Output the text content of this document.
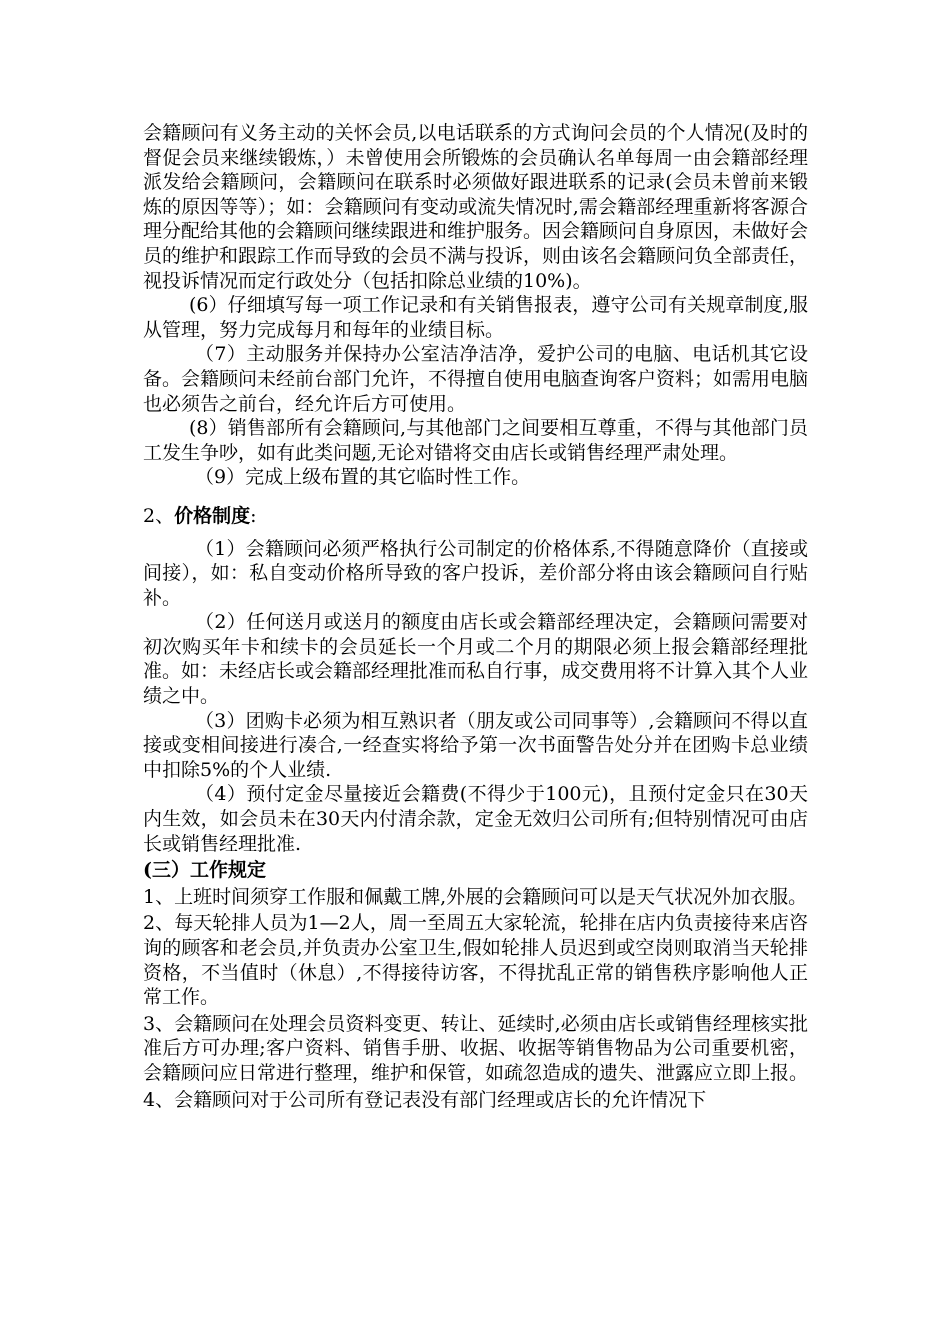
会籍顾问有义务主动的关怀会员,以电话联系的方式询问会员的个人情况(及时的督促会员来继续锻炼，）未曾使用会所锻炼的会员确认名单每周一由会籍部经理派发给会籍顾问，会籍顾问在联系时必须做好跟进联系的记录(会员未曾前来锻炼的原因等等）；如：会籍顾问有变动或流失情况时,需会籍部经理重新将客源合理分配给其他的会籍顾问继续跟进和维护服务。因会籍顾问自身原因，未做好会员的维护和跟踪工作而导致的会员不满与投诉，则由该名会籍顾问负全部责任，视投诉情况而定行政处分（包括扣除总业绩的10%)。

(6）仔细填写每一项工作记录和有关销售报表，遵守公司有关规章制度,服从管理，努力完成每月和每年的业绩目标。

（7）主动服务并保持办公室洁净洁净，爱护公司的电脑、电话机其它设备。会籍顾问未经前台部门允许，不得擅自使用电脑查询客户资料；如需用电脑也必须告之前台，经允许后方可使用。

(8）销售部所有会籍顾问,与其他部门之间要相互尊重，不得与其他部门员工发生争吵，如有此类问题,无论对错将交由店长或销售经理严肃处理。

（9）完成上级布置的其它临时性工作。

2、价格制度:

（1）会籍顾问必须严格执行公司制定的价格体系,不得随意降价（直接或间接），如：私自变动价格所导致的客户投诉，差价部分将由该会籍顾问自行贴补。

（2）任何送月或送月的额度由店长或会籍部经理决定，会籍顾问需要对初次购买年卡和续卡的会员延长一个月或二个月的期限必须上报会籍部经理批准。如：未经店长或会籍部经理批准而私自行事，成交费用将不计算入其个人业绩之中。

（3）团购卡必须为相互熟识者（朋友或公司同事等）,会籍顾问不得以直接或变相间接进行凑合,一经查实将给予第一次书面警告处分并在团购卡总业绩中扣除5%的个人业绩.

（4）预付定金尽量接近会籍费(不得少于100元)，且预付定金只在30天内生效，如会员未在30天内付清余款，定金无效归公司所有;但特别情况可由店长或销售经理批准.

(三）工作规定

1、上班时间须穿工作服和佩戴工牌,外展的会籍顾问可以是天气状况外加衣服。

2、每天轮排人员为1—2人，周一至周五大家轮流，轮排在店内负责接待来店咨询的顾客和老会员,并负责办公室卫生,假如轮排人员迟到或空岗则取消当天轮排资格，不当值时（休息）,不得接待访客，不得扰乱正常的销售秩序影响他人正常工作。

3、会籍顾问在处理会员资料变更、转让、延续时,必须由店长或销售经理核实批准后方可办理;客户资料、销售手册、收据、收据等销售物品为公司重要机密，会籍顾问应日常进行整理，维护和保管，如疏忽造成的遗失、泄露应立即上报。

4、会籍顾问对于公司所有登记表没有部门经理或店长的允许情况下
